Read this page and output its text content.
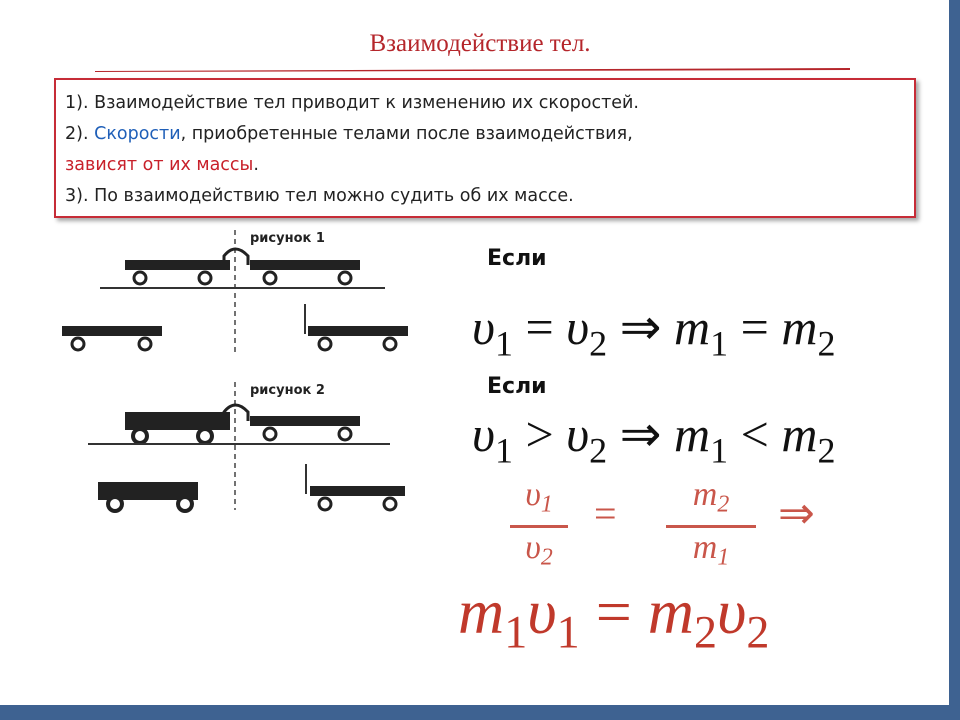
Взаимодействие тел.

1). Взаимодействие тел приводит к изменению их скоростей.

2). Скорости, приобретенные телами после взаимодействия,

зависят от их массы.

3). По взаимодействию тел можно судить об их массе.

рисунок 1
рисунок 2
Если
$\upsilon_1 = \upsilon_2$ ⇒ $m_1 = m_2$
Если
$\upsilon_1 > \upsilon_2$ ⇒ $m_1 < m_2$
$\upsilon_1$
$\upsilon_2$
= $m_2$
$m_1$
⇒
$m_1\upsilon_1 = m_2\upsilon_2$
